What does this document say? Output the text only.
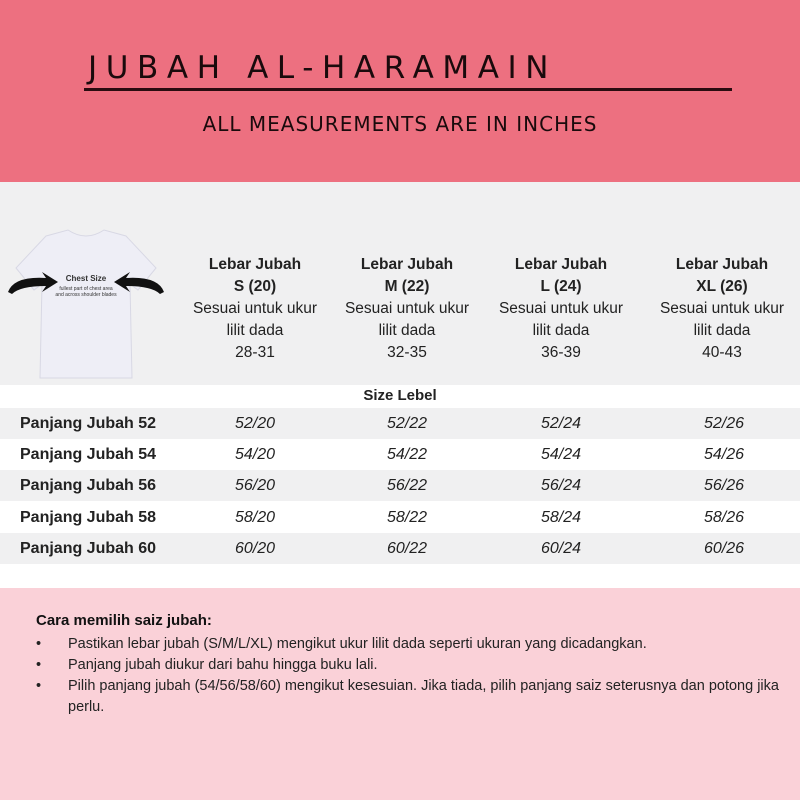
JUBAH AL-HARAMAIN
ALL MEASUREMENTS ARE IN INCHES
Chest Size
fullest part of chest area
and across shoulder blades
Lebar Jubah
S (20)
Sesuai untuk ukur
lilit dada
28-31
Lebar Jubah
M (22)
Sesuai untuk ukur
lilit dada
32-35
Lebar Jubah
L (24)
Sesuai untuk ukur
lilit dada
36-39
Lebar Jubah
XL (26)
Sesuai untuk ukur
lilit dada
40-43
Size Lebel
Panjang Jubah 52	52/20	52/22	52/24	52/26
Panjang Jubah 54	54/20	54/22	54/24	54/26
Panjang Jubah 56	56/20	56/22	56/24	56/26
Panjang Jubah 58	58/20	58/22	58/24	58/26
Panjang Jubah 60	60/20	60/22	60/24	60/26
Cara memilih saiz jubah:
• Pastikan lebar jubah (S/M/L/XL) mengikut ukur lilit dada seperti ukuran yang dicadangkan.
• Panjang jubah diukur dari bahu hingga buku lali.
• Pilih panjang jubah (54/56/58/60) mengikut kesesuian. Jika tiada, pilih panjang saiz seterusnya dan potong jika perlu.
